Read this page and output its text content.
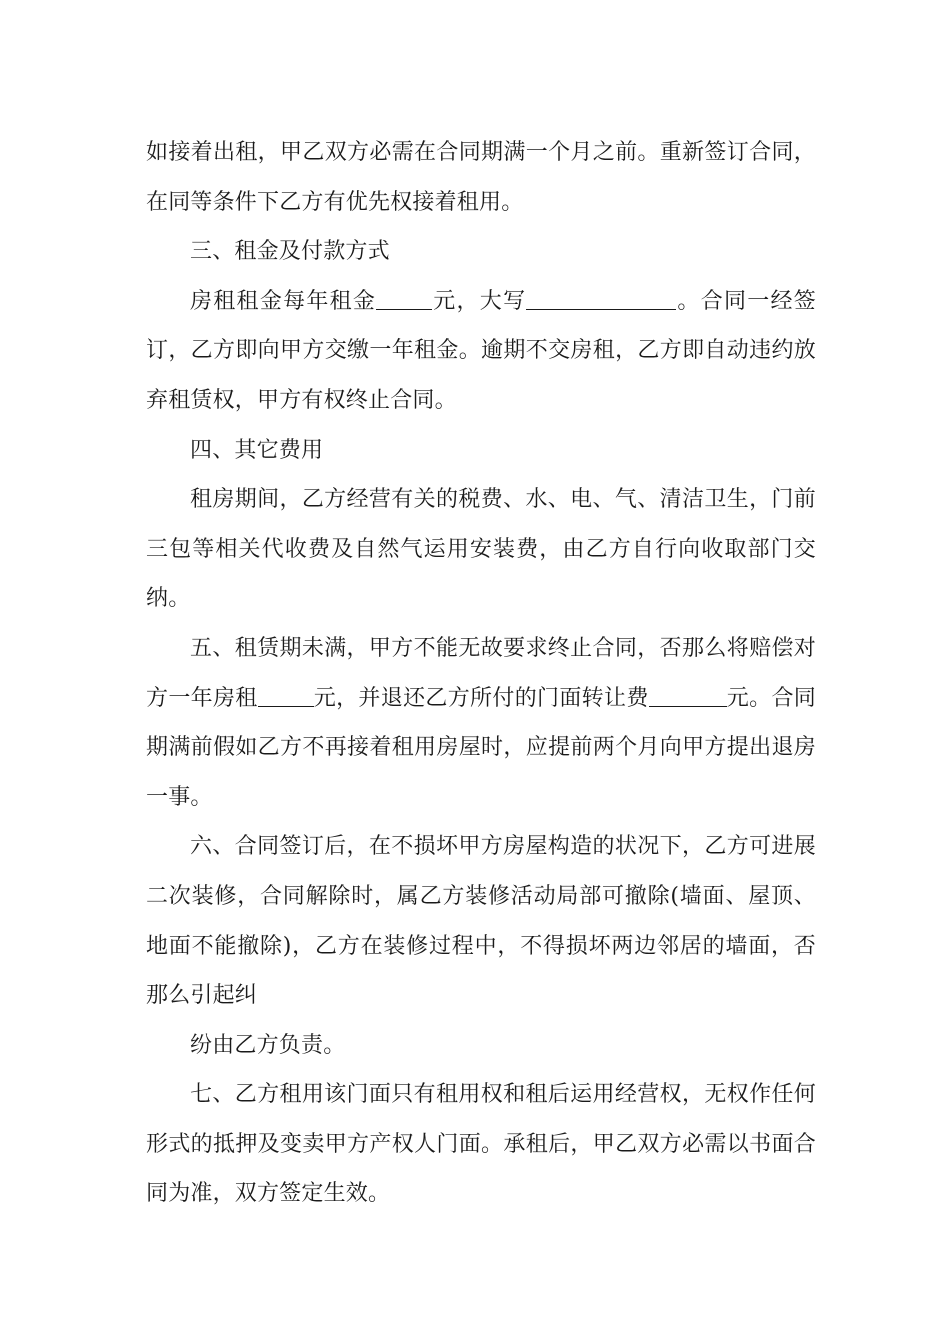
如接着出租，甲乙双方必需在合同期满一个月之前。重新签订合同，在同等条件下乙方有优先权接着租用。

三、租金及付款方式

房租租金每年租金	元，大写	。合同一经签订，乙方即向甲方交缴一年租金。逾期不交房租，乙方即自动违约放弃租赁权，甲方有权终止合同。

四、其它费用

租房期间，乙方经营有关的税费、水、电、气、清洁卫生，门前三包等相关代收费及自然气运用安装费，由乙方自行向收取部门交纳。

五、租赁期未满，甲方不能无故要求终止合同，否那么将赔偿对方一年房租	元，并退还乙方所付的门面转让费	元。合同期满前假如乙方不再接着租用房屋时，应提前两个月向甲方提出退房一事。

六、合同签订后，在不损坏甲方房屋构造的状况下，乙方可进展二次装修，合同解除时，属乙方装修活动局部可撤除(墙面、屋顶、地面不能撤除)，乙方在装修过程中，不得损坏两边邻居的墙面，否那么引起纠

纷由乙方负责。

七、乙方租用该门面只有租用权和租后运用经营权，无权作任何形式的抵押及变卖甲方产权人门面。承租后，甲乙双方必需以书面合同为准，双方签定生效。
